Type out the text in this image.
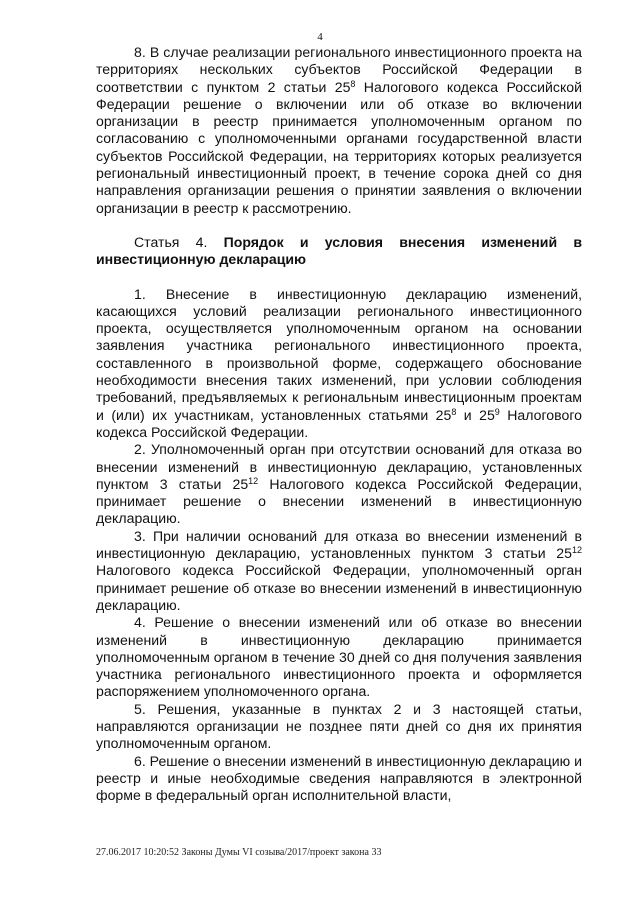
4

8. В случае реализации регионального инвестиционного проекта на территориях нескольких субъектов Российской Федерации в соответствии с пунктом 2 статьи $25^8$ Налогового кодекса Российской Федерации решение о включении или об отказе во включении организации в реестр принимается уполномоченным органом по согласованию с уполномоченными органами государственной власти субъектов Российской Федерации, на территориях которых реализуется региональный инвестиционный проект, в течение сорока дней со дня направления организации решения о принятии заявления о включении организации в реестр к рассмотрению.

Статья 4. Порядок и условия внесения изменений в инвестиционную декларацию

1. Внесение в инвестиционную декларацию изменений, касающихся условий реализации регионального инвестиционного проекта, осуществляется уполномоченным органом на основании заявления участника регионального инвестиционного проекта, составленного в произвольной форме, содержащего обоснование необходимости внесения таких изменений, при условии соблюдения требований, предъявляемых к региональным инвестиционным проектам и (или) их участникам, установленных статьями $25^8$ и $25^9$ Налогового кодекса Российской Федерации.

2. Уполномоченный орган при отсутствии оснований для отказа во внесении изменений в инвестиционную декларацию, установленных пунктом 3 статьи $25^{12}$ Налогового кодекса Российской Федерации, принимает решение о внесении изменений в инвестиционную декларацию.

3. При наличии оснований для отказа во внесении изменений в инвестиционную декларацию, установленных пунктом 3 статьи $25^{12}$ Налогового кодекса Российской Федерации, уполномоченный орган принимает решение об отказе во внесении изменений в инвестиционную декларацию.

4. Решение о внесении изменений или об отказе во внесении изменений в инвестиционную декларацию принимается уполномоченным органом в течение 30 дней со дня получения заявления участника регионального инвестиционного проекта и оформляется распоряжением уполномоченного органа.

5. Решения, указанные в пунктах 2 и 3 настоящей статьи, направляются организации не позднее пяти дней со дня их принятия уполномоченным органом.

6. Решение о внесении изменений в инвестиционную декларацию и реестр и иные необходимые сведения направляются в электронной форме в федеральный орган исполнительной власти,

27.06.2017 10:20:52 Законы Думы VI созыва/2017/проект закона 33
